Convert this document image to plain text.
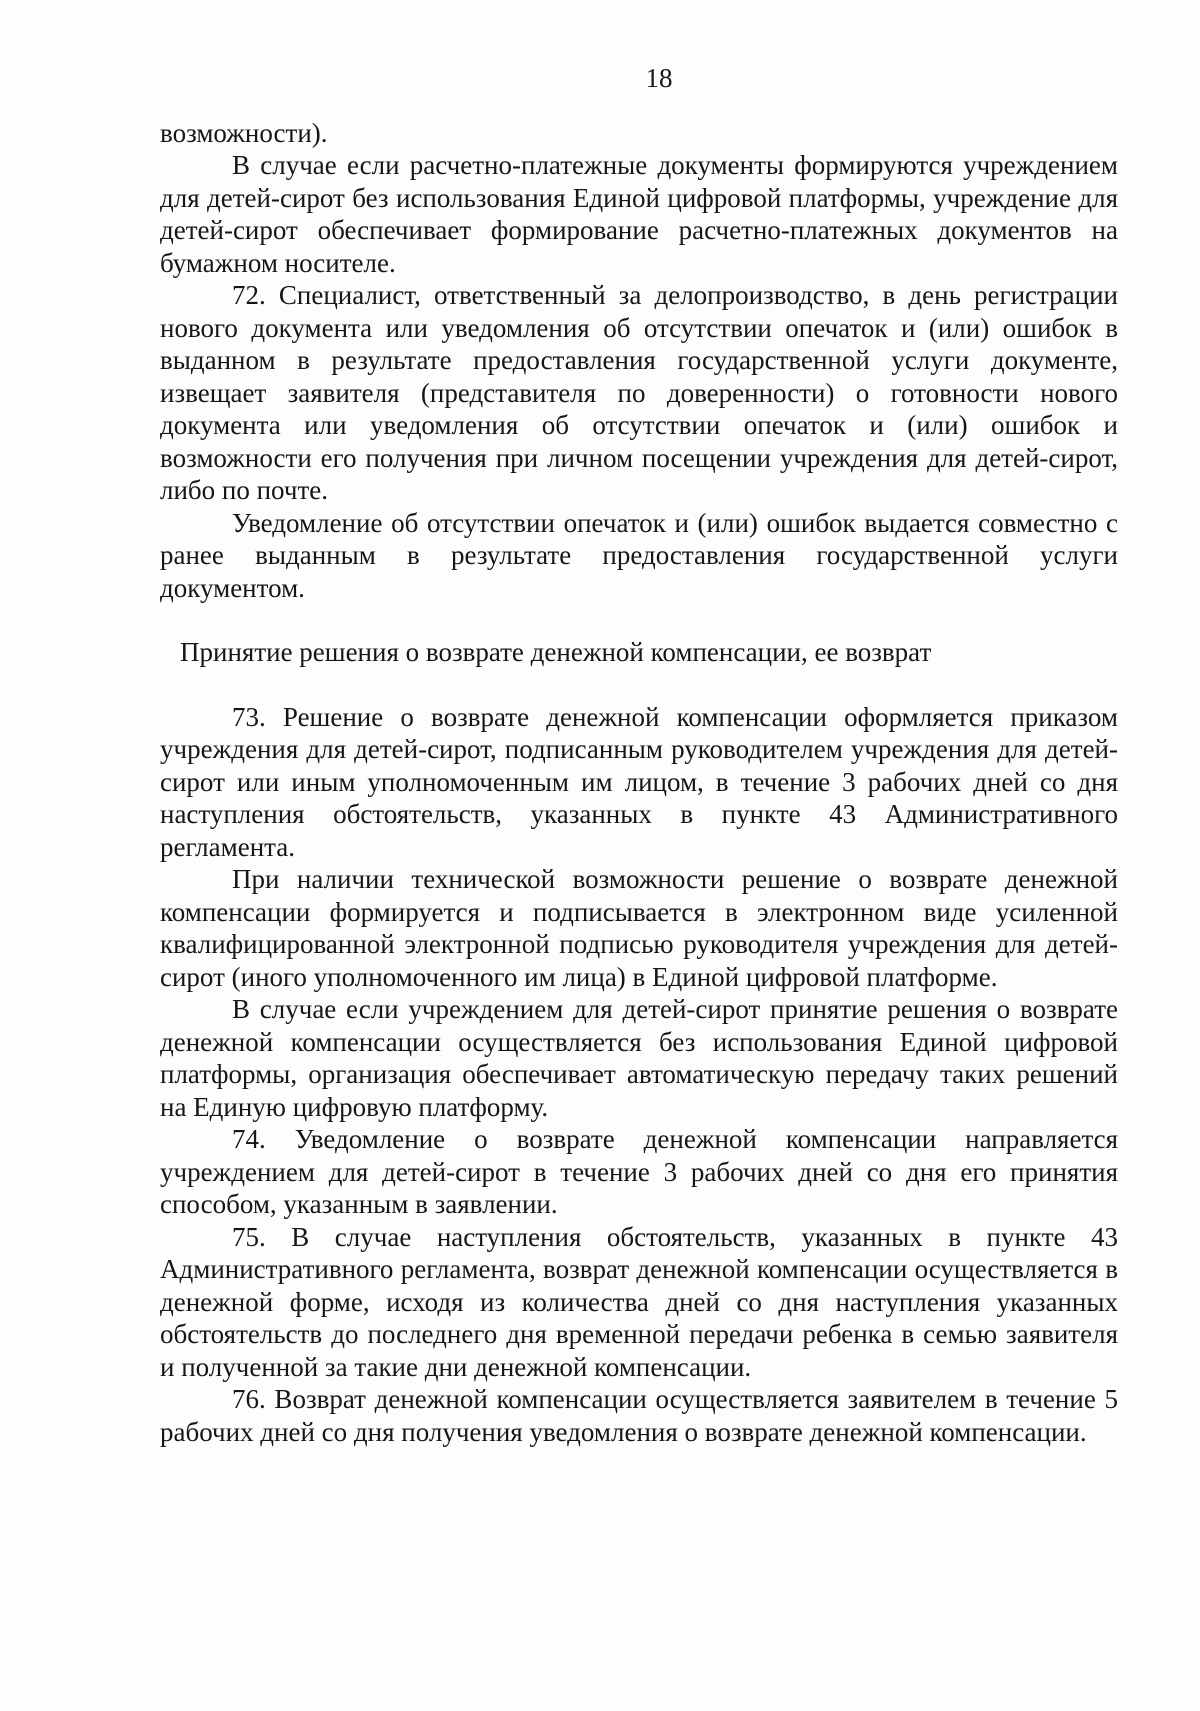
18

возможности).

В случае если расчетно-платежные документы формируются учреждением для детей-сирот без использования Единой цифровой платформы, учреждение для детей-сирот обеспечивает формирование расчетно-платежных документов на бумажном носителе.

72. Специалист, ответственный за делопроизводство, в день регистрации нового документа или уведомления об отсутствии опечаток и (или) ошибок в выданном в результате предоставления государственной услуги документе, извещает заявителя (представителя по доверенности) о готовности нового документа или уведомления об отсутствии опечаток и (или) ошибок и возможности его получения при личном посещении учреждения для детей-сирот, либо по почте.

Уведомление об отсутствии опечаток и (или) ошибок выдается совместно с ранее выданным в результате предоставления государственной услуги документом.

Принятие решения о возврате денежной компенсации, ее возврат

73. Решение о возврате денежной компенсации оформляется приказом учреждения для детей-сирот, подписанным руководителем учреждения для детей-сирот или иным уполномоченным им лицом, в течение 3 рабочих дней со дня наступления обстоятельств, указанных в пункте 43 Административного регламента.

При наличии технической возможности решение о возврате денежной компенсации формируется и подписывается в электронном виде усиленной квалифицированной электронной подписью руководителя учреждения для детей-сирот (иного уполномоченного им лица) в Единой цифровой платформе.

В случае если учреждением для детей-сирот принятие решения о возврате денежной компенсации осуществляется без использования Единой цифровой платформы, организация обеспечивает автоматическую передачу таких решений на Единую цифровую платформу.

74. Уведомление о возврате денежной компенсации направляется учреждением для детей-сирот в течение 3 рабочих дней со дня его принятия способом, указанным в заявлении.

75. В случае наступления обстоятельств, указанных в пункте 43 Административного регламента, возврат денежной компенсации осуществляется в денежной форме, исходя из количества дней со дня наступления указанных обстоятельств до последнего дня временной передачи ребенка в семью заявителя и полученной за такие дни денежной компенсации.

76. Возврат денежной компенсации осуществляется заявителем в течение 5 рабочих дней со дня получения уведомления о возврате денежной компенсации.
